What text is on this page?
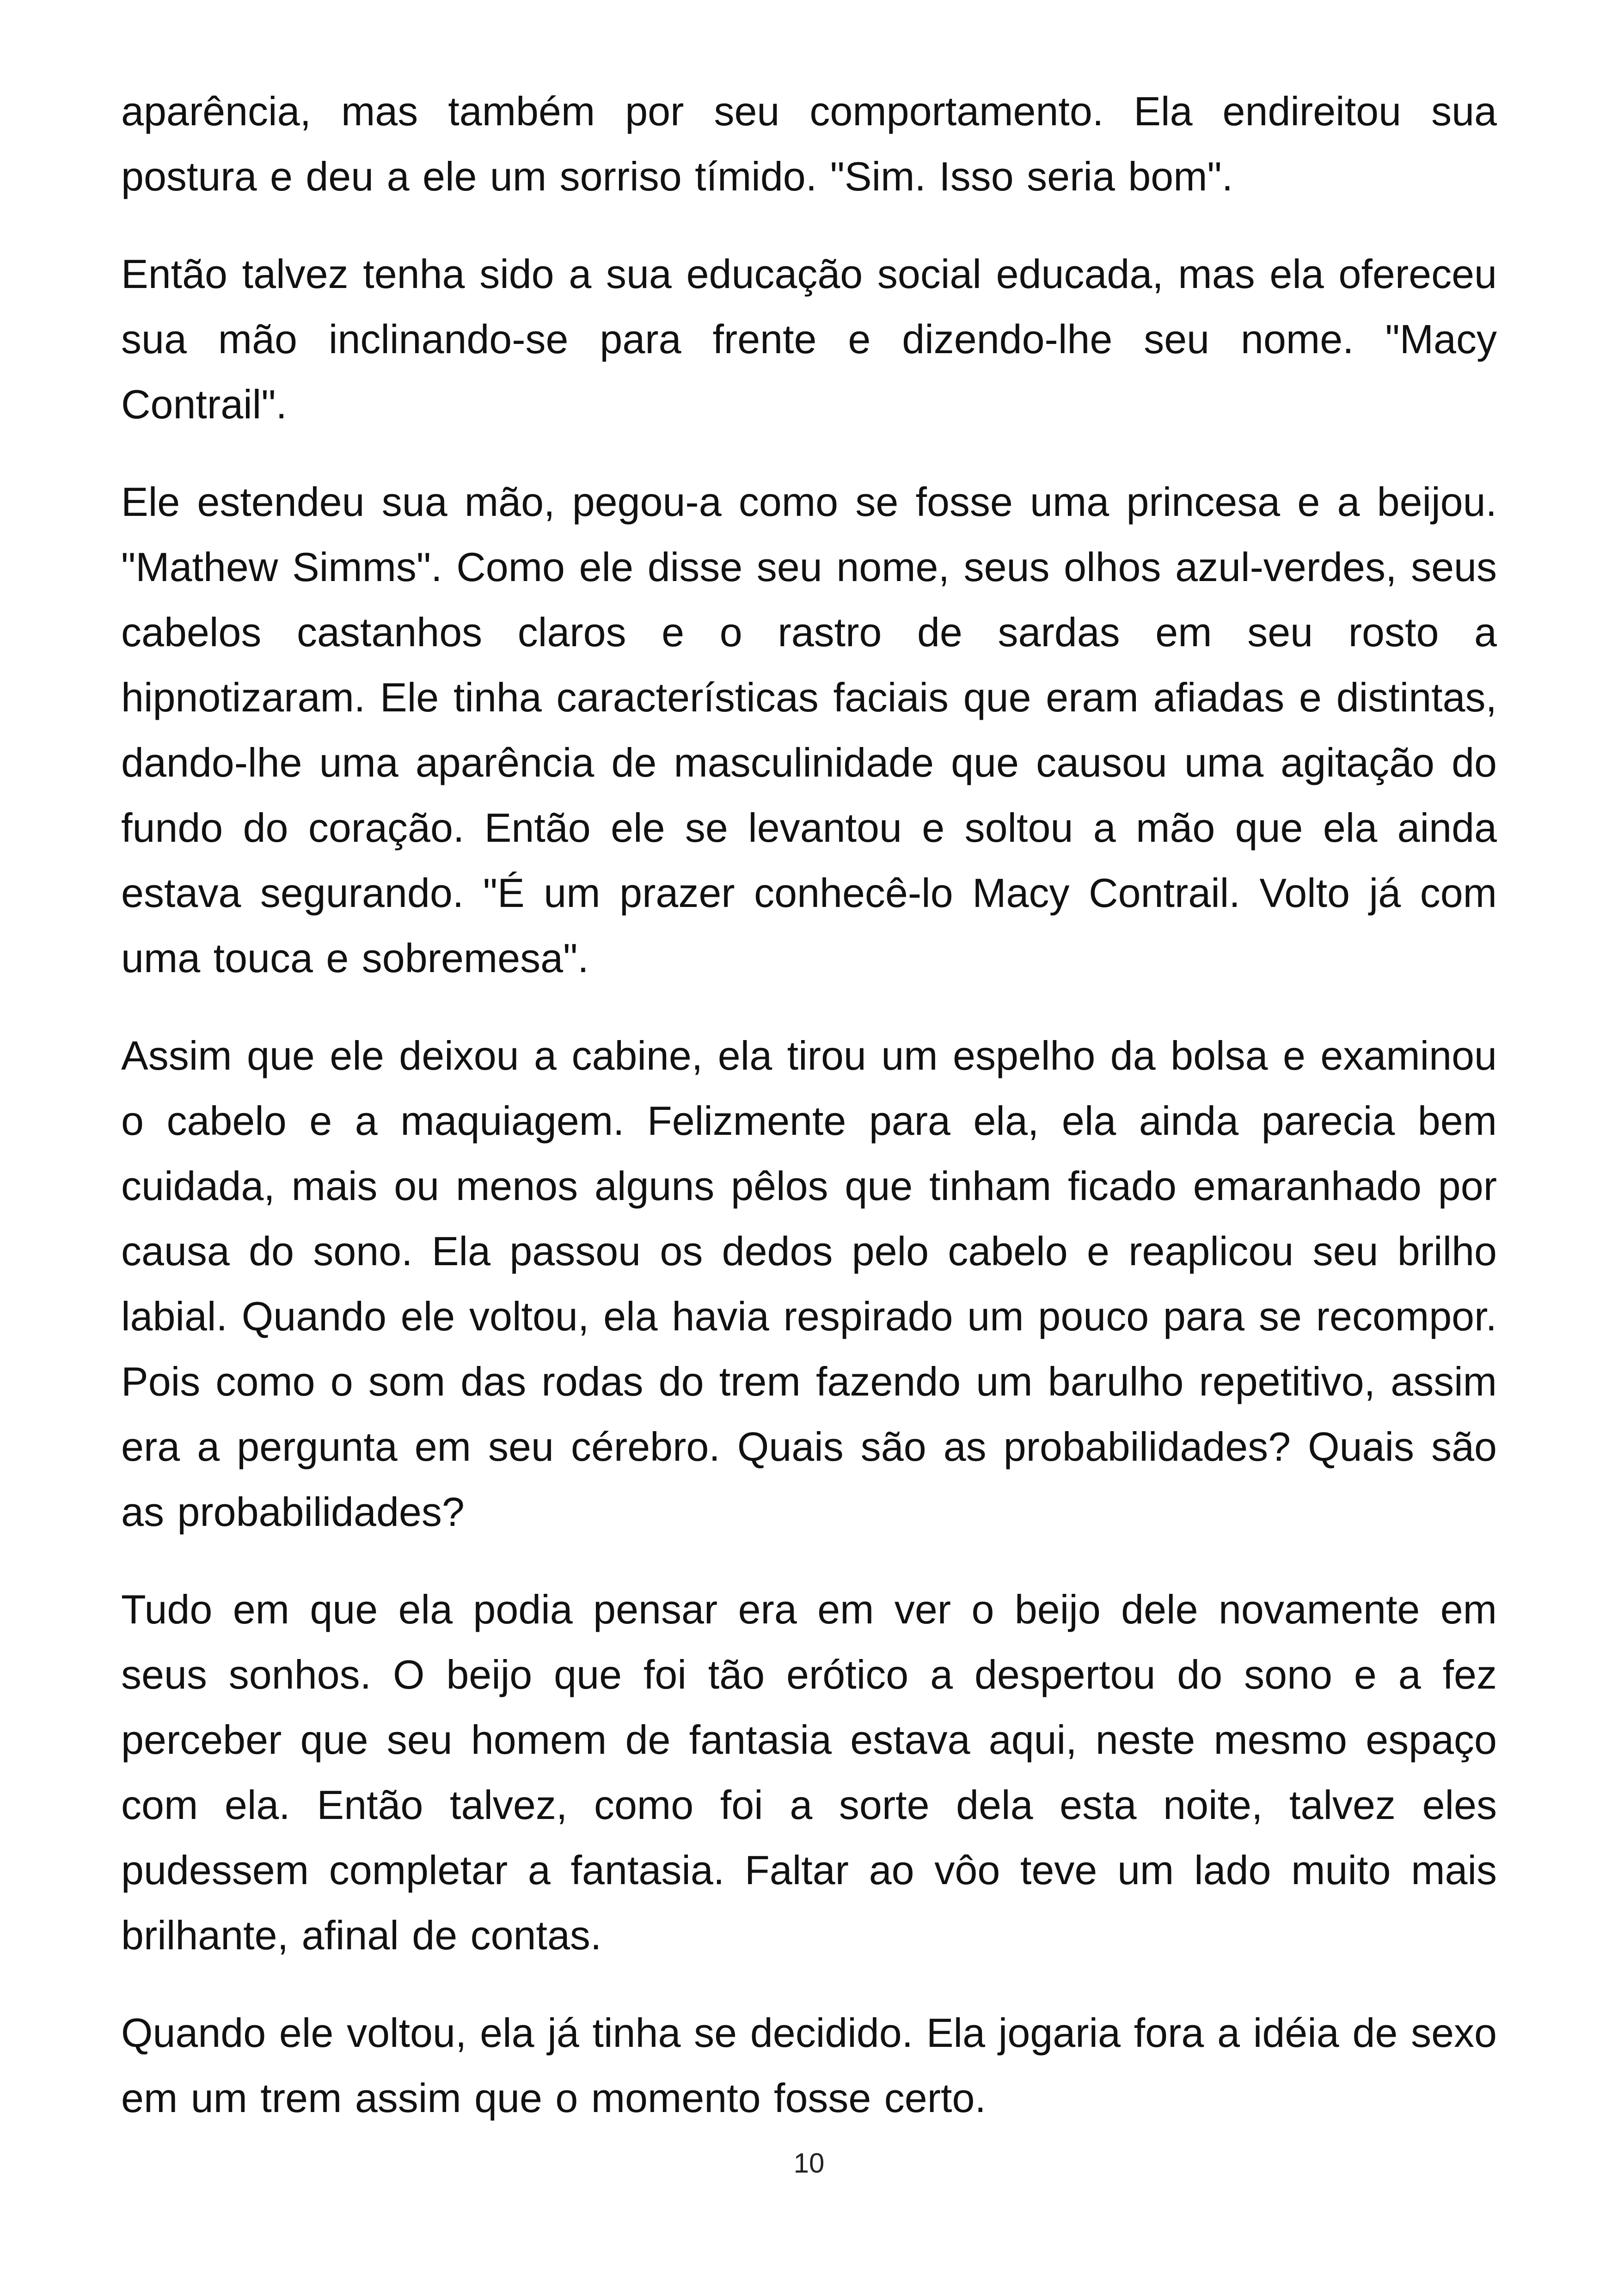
aparência, mas também por seu comportamento. Ela endireitou sua postura e deu a ele um sorriso tímido. "Sim. Isso seria bom".

Então talvez tenha sido a sua educação social educada, mas ela ofereceu sua mão inclinando-se para frente e dizendo-lhe seu nome. "Macy Contrail".

Ele estendeu sua mão, pegou-a como se fosse uma princesa e a beijou. "Mathew Simms". Como ele disse seu nome, seus olhos azul-verdes, seus cabelos castanhos claros e o rastro de sardas em seu rosto a hipnotizaram. Ele tinha características faciais que eram afiadas e distintas, dando-lhe uma aparência de masculinidade que causou uma agitação do fundo do coração. Então ele se levantou e soltou a mão que ela ainda estava segurando. "É um prazer conhecê-lo Macy Contrail. Volto já com uma touca e sobremesa".

Assim que ele deixou a cabine, ela tirou um espelho da bolsa e examinou o cabelo e a maquiagem. Felizmente para ela, ela ainda parecia bem cuidada, mais ou menos alguns pêlos que tinham ficado emaranhado por causa do sono. Ela passou os dedos pelo cabelo e reaplicou seu brilho labial. Quando ele voltou, ela havia respirado um pouco para se recompor. Pois como o som das rodas do trem fazendo um barulho repetitivo, assim era a pergunta em seu cérebro. Quais são as probabilidades? Quais são as probabilidades?

Tudo em que ela podia pensar era em ver o beijo dele novamente em seus sonhos. O beijo que foi tão erótico a despertou do sono e a fez perceber que seu homem de fantasia estava aqui, neste mesmo espaço com ela. Então talvez, como foi a sorte dela esta noite, talvez eles pudessem completar a fantasia. Faltar ao vôo teve um lado muito mais brilhante, afinal de contas.

Quando ele voltou, ela já tinha se decidido. Ela jogaria fora a idéia de sexo em um trem assim que o momento fosse certo.

10
